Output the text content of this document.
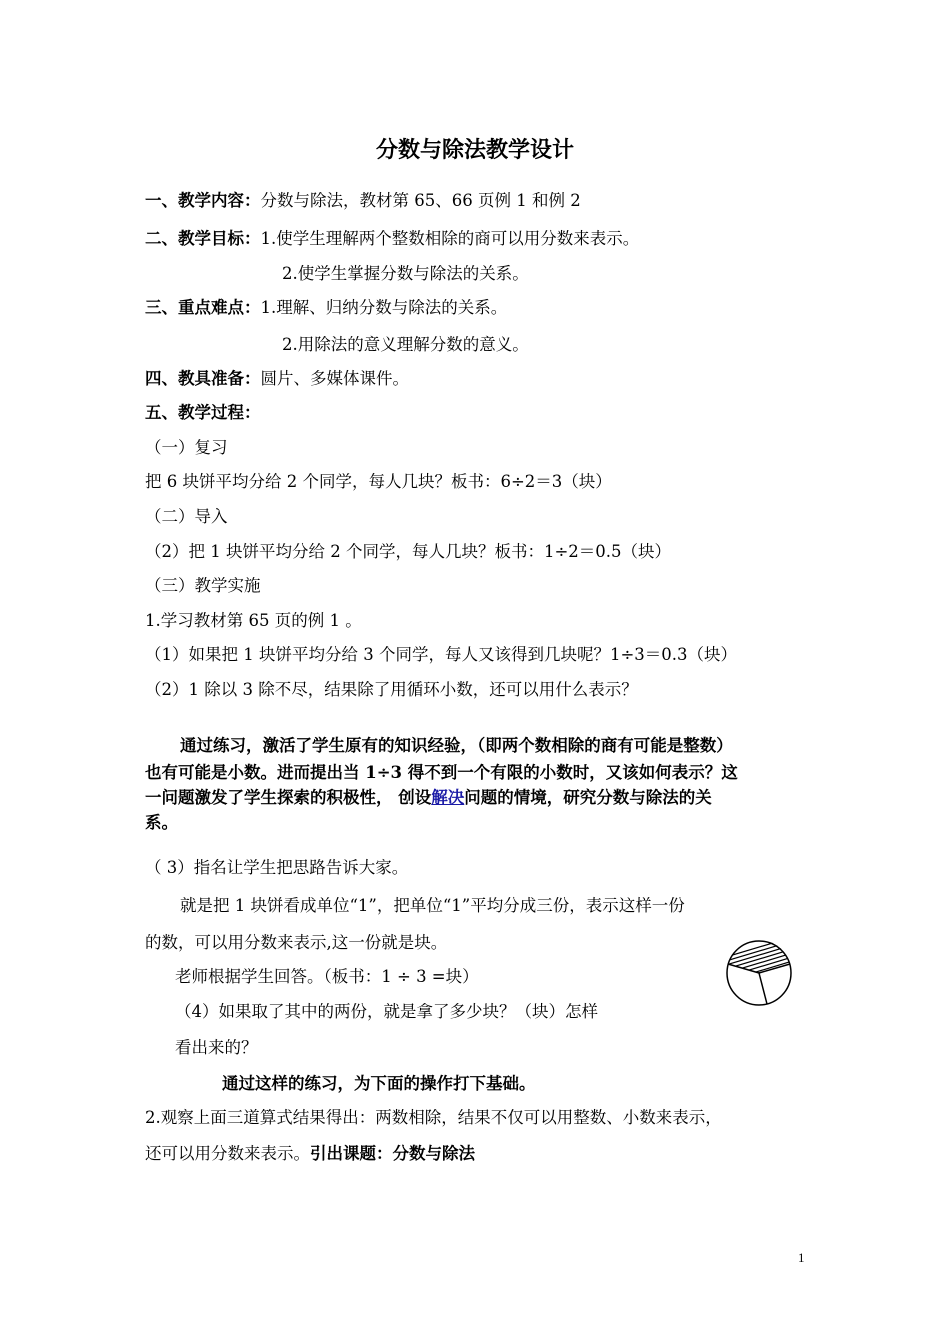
分数与除法教学设计
一、教学内容：分数与除法，教材第 65、66 页例 1 和例 2
二、教学目标：1.使学生理解两个整数相除的商可以用分数来表示。
2.使学生掌握分数与除法的关系。
三、重点难点：1.理解、归纳分数与除法的关系。
2.用除法的意义理解分数的意义。
四、教具准备：圆片、多媒体课件。
五、教学过程：
（一）复习
把 6 块饼平均分给 2 个同学，每人几块？板书：6÷2＝3（块）
（二）导入
（2）把 1 块饼平均分给 2 个同学，每人几块？板书：1÷2＝0.5（块）
（三）教学实施
1.学习教材第 65 页的例 1 。
（1）如果把 1 块饼平均分给 3 个同学，每人又该得到几块呢？1÷3＝0.3（块）
（2）1 除以 3 除不尽，结果除了用循环小数，还可以用什么表示？
通过练习，激活了学生原有的知识经验，（即两个数相除的商有可能是整数）
也有可能是小数。进而提出当 1÷3 得不到一个有限的小数时，又该如何表示？这
一问题激发了学生探索的积极性， 创设解决问题的情境，研究分数与除法的关
系。
（ 3）指名让学生把思路告诉大家。
就是把 1 块饼看成单位“1”，把单位“1”平均分成三份，表示这样一份
的数，可以用分数来表示,这一份就是块。
老师根据学生回答。（板书：1 ÷ 3 =块）
（4）如果取了其中的两份，就是拿了多少块？（块）怎样
看出来的？
通过这样的练习，为下面的操作打下基础。
2.观察上面三道算式结果得出：两数相除，结果不仅可以用整数、小数来表示，
还可以用分数来表示。引出课题：分数与除法
1
